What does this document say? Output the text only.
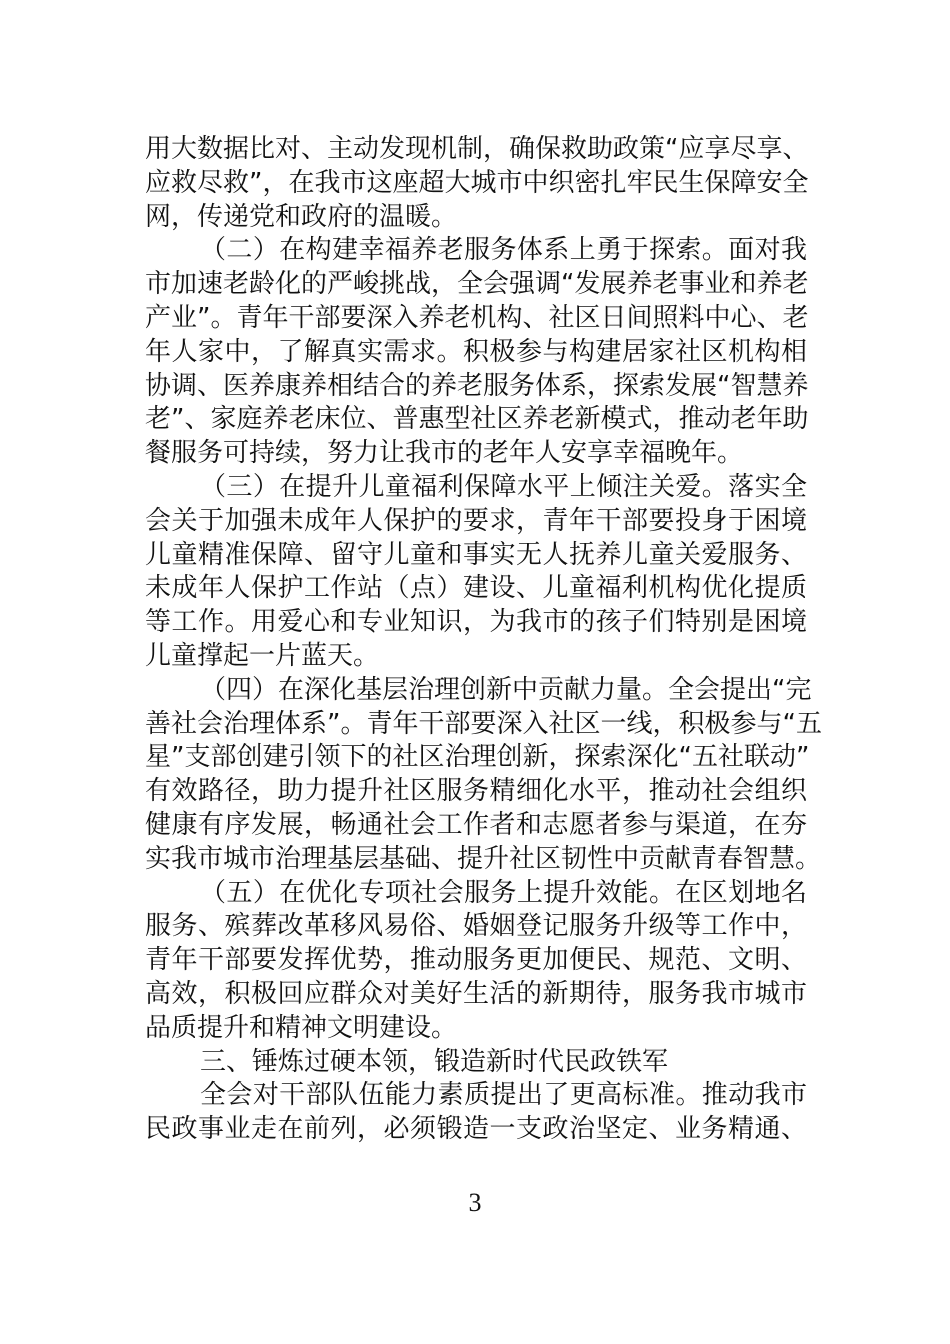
用大数据比对、主动发现机制，确保救助政策“应享尽享、
应救尽救”，在我市这座超大城市中织密扎牢民生保障安全
网，传递党和政府的温暖。
（二）在构建幸福养老服务体系上勇于探索。面对我
市加速老龄化的严峻挑战，全会强调“发展养老事业和养老
产业”。青年干部要深入养老机构、社区日间照料中心、老
年人家中，了解真实需求。积极参与构建居家社区机构相
协调、医养康养相结合的养老服务体系，探索发展“智慧养
老”、家庭养老床位、普惠型社区养老新模式，推动老年助
餐服务可持续，努力让我市的老年人安享幸福晚年。
（三）在提升儿童福利保障水平上倾注关爱。落实全
会关于加强未成年人保护的要求，青年干部要投身于困境
儿童精准保障、留守儿童和事实无人抚养儿童关爱服务、
未成年人保护工作站（点）建设、儿童福利机构优化提质
等工作。用爱心和专业知识，为我市的孩子们特别是困境
儿童撑起一片蓝天。
（四）在深化基层治理创新中贡献力量。全会提出“完
善社会治理体系”。青年干部要深入社区一线，积极参与“五
星”支部创建引领下的社区治理创新，探索深化“五社联动”
有效路径，助力提升社区服务精细化水平，推动社会组织
健康有序发展，畅通社会工作者和志愿者参与渠道，在夯
实我市城市治理基层基础、提升社区韧性中贡献青春智慧。
（五）在优化专项社会服务上提升效能。在区划地名
服务、殡葬改革移风易俗、婚姻登记服务升级等工作中，
青年干部要发挥优势，推动服务更加便民、规范、文明、
高效，积极回应群众对美好生活的新期待，服务我市城市
品质提升和精神文明建设。
三、锤炼过硬本领，锻造新时代民政铁军
全会对干部队伍能力素质提出了更高标准。推动我市
民政事业走在前列，必须锻造一支政治坚定、业务精通、
3
